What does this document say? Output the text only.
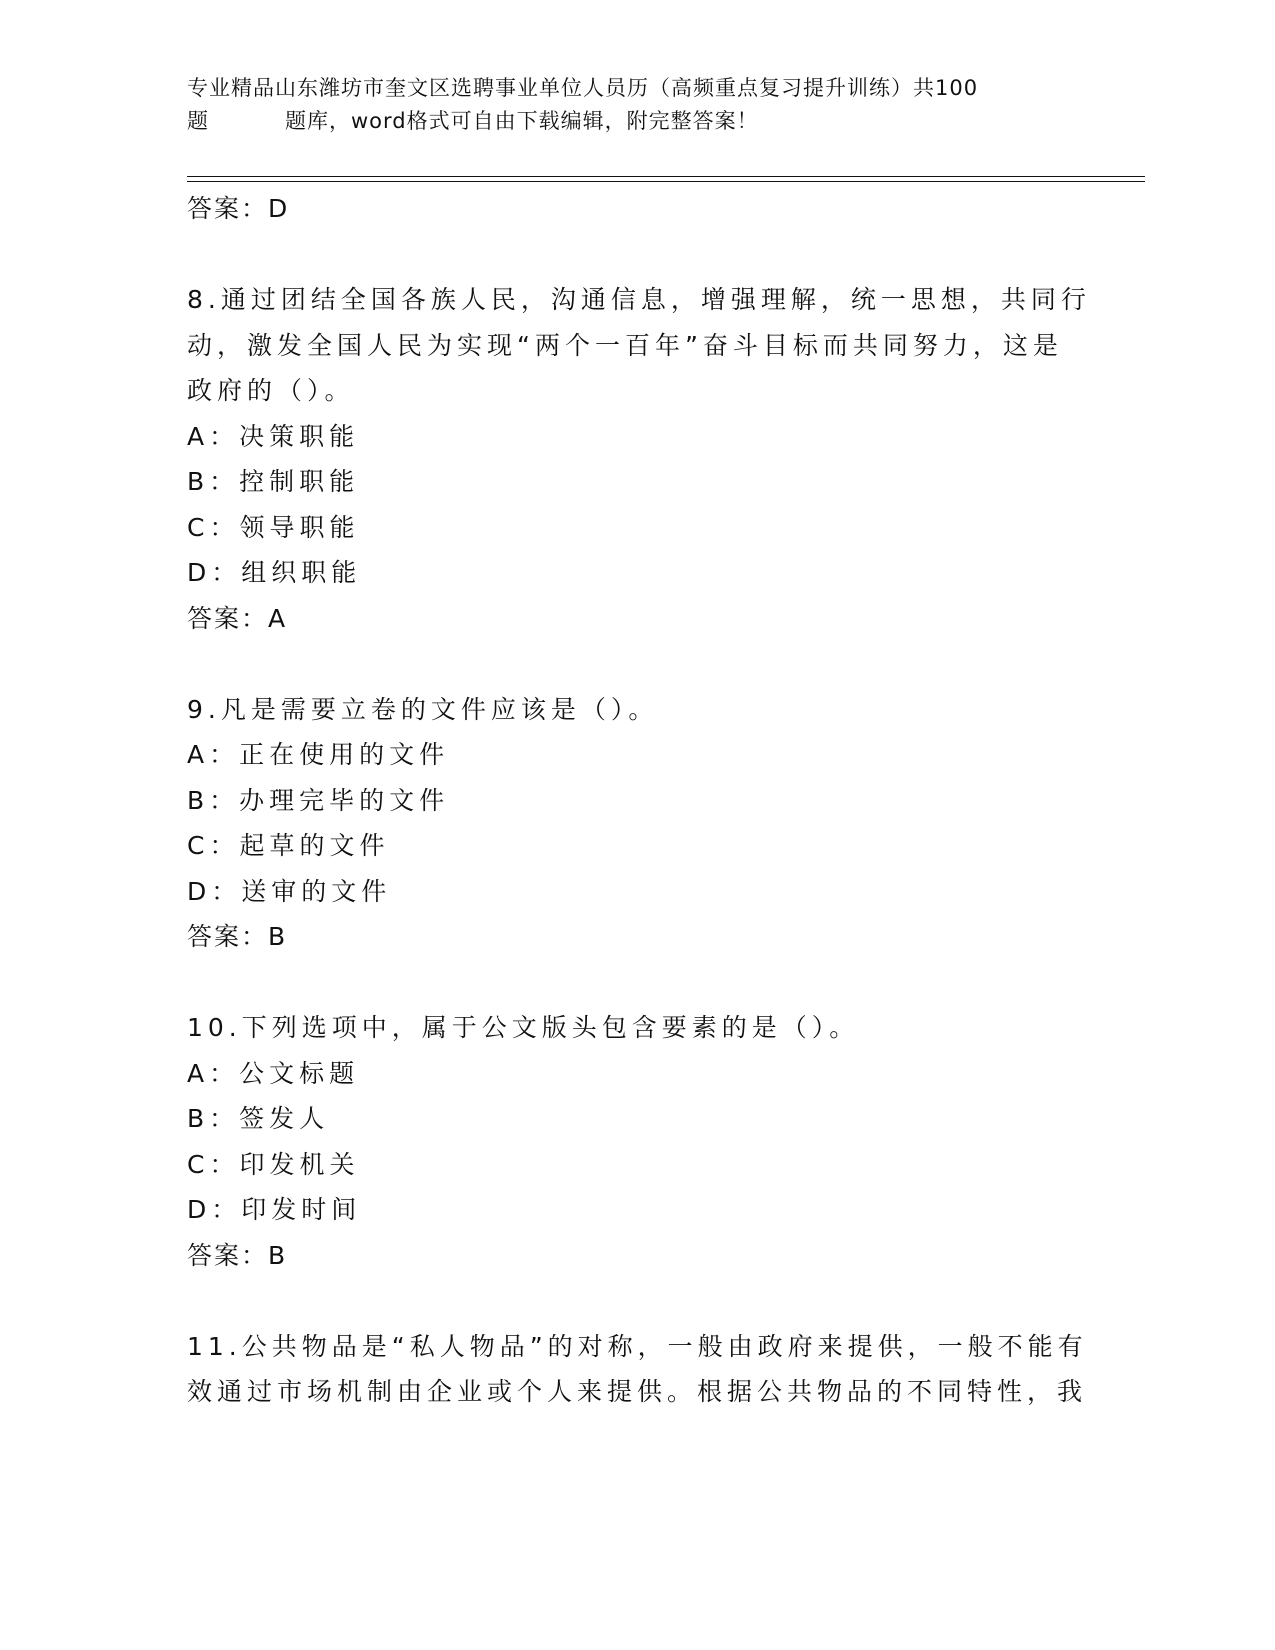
专业精品山东潍坊市奎文区选聘事业单位人员历（高频重点复习提升训练）共100
题	题库，word格式可自由下载编辑，附完整答案！
答案：D
8.通过团结全国各族人民，沟通信息，增强理解，统一思想，共同行
动，激发全国人民为实现“两个一百年”奋斗目标而共同努力，这是
政府的（）。
A：决策职能
B：控制职能
C：领导职能
D：组织职能
答案：A
9.凡是需要立卷的文件应该是（）。
A：正在使用的文件
B：办理完毕的文件
C：起草的文件
D：送审的文件
答案：B
10.下列选项中，属于公文版头包含要素的是（）。
A：公文标题
B：签发人
C：印发机关
D：印发时间
答案：B
11.公共物品是“私人物品”的对称，一般由政府来提供，一般不能有
效通过市场机制由企业或个人来提供。根据公共物品的不同特性，我
